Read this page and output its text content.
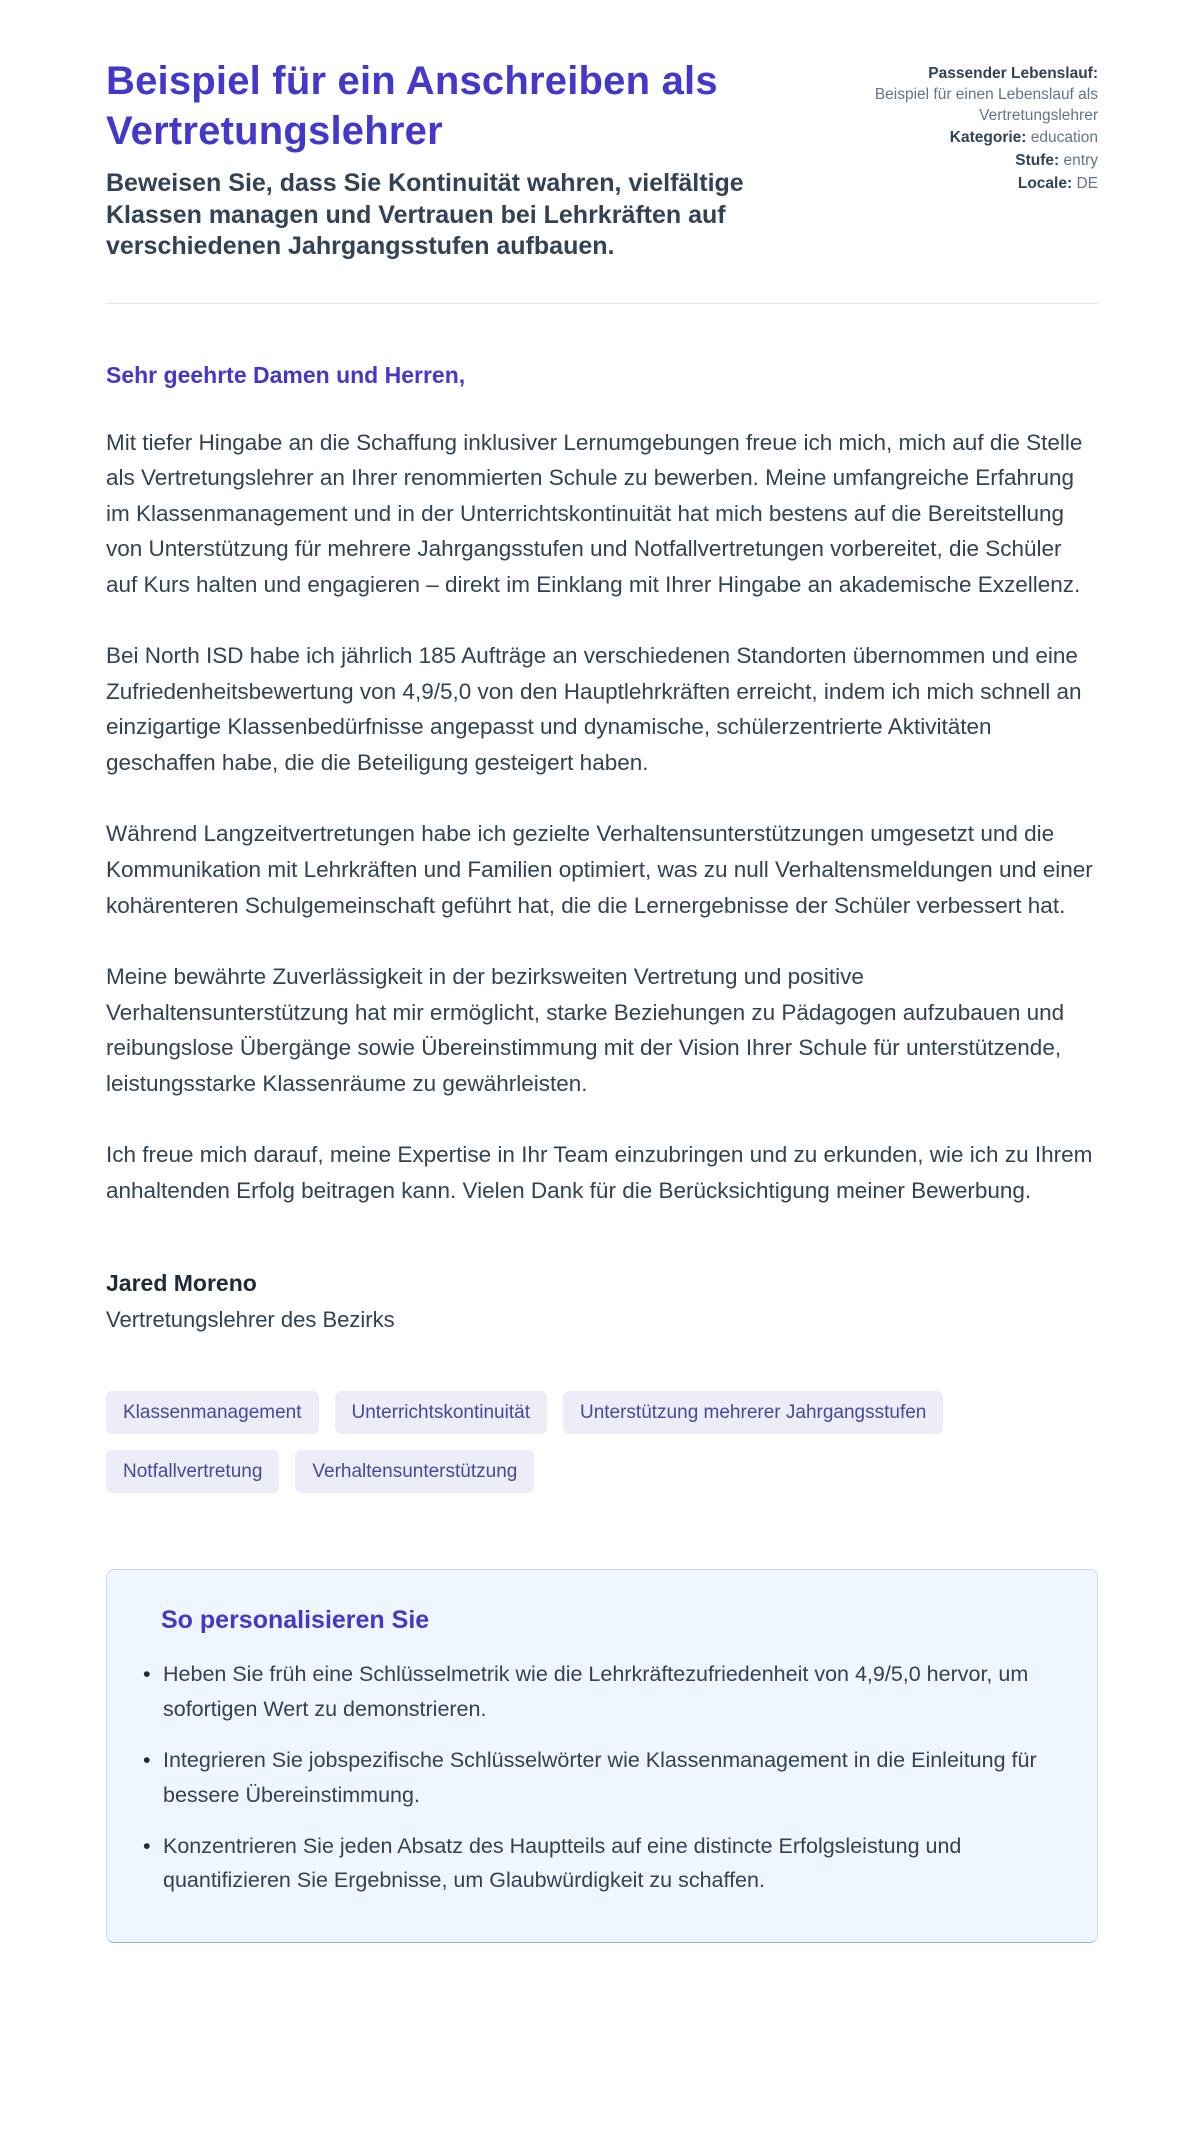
Beispiel für ein Anschreiben als Vertretungslehrer
Beweisen Sie, dass Sie Kontinuität wahren, vielfältige Klassen managen und Vertrauen bei Lehrkräften auf verschiedenen Jahrgangsstufen aufbauen.
Passender Lebenslauf:
Beispiel für einen Lebenslauf als Vertretungslehrer
Kategorie: education
Stufe: entry
Locale: DE
Sehr geehrte Damen und Herren,

Mit tiefer Hingabe an die Schaffung inklusiver Lernumgebungen freue ich mich, mich auf die Stelle als Vertretungslehrer an Ihrer renommierten Schule zu bewerben. Meine umfangreiche Erfahrung im Klassenmanagement und in der Unterrichtskontinuität hat mich bestens auf die Bereitstellung von Unterstützung für mehrere Jahrgangsstufen und Notfallvertretungen vorbereitet, die Schüler auf Kurs halten und engagieren – direkt im Einklang mit Ihrer Hingabe an akademische Exzellenz.

Bei North ISD habe ich jährlich 185 Aufträge an verschiedenen Standorten übernommen und eine Zufriedenheitsbewertung von 4,9/5,0 von den Hauptlehrkräften erreicht, indem ich mich schnell an einzigartige Klassenbedürfnisse angepasst und dynamische, schülerzentrierte Aktivitäten geschaffen habe, die die Beteiligung gesteigert haben.

Während Langzeitvertretungen habe ich gezielte Verhaltensunterstützungen umgesetzt und die Kommunikation mit Lehrkräften und Familien optimiert, was zu null Verhaltensmeldungen und einer kohärenteren Schulgemeinschaft geführt hat, die die Lernergebnisse der Schüler verbessert hat.

Meine bewährte Zuverlässigkeit in der bezirksweiten Vertretung und positive Verhaltensunterstützung hat mir ermöglicht, starke Beziehungen zu Pädagogen aufzubauen und reibungslose Übergänge sowie Übereinstimmung mit der Vision Ihrer Schule für unterstützende, leistungsstarke Klassenräume zu gewährleisten.

Ich freue mich darauf, meine Expertise in Ihr Team einzubringen und zu erkunden, wie ich zu Ihrem anhaltenden Erfolg beitragen kann. Vielen Dank für die Berücksichtigung meiner Bewerbung.

Jared Moreno
Vertretungslehrer des Bezirks
Klassenmanagement	Unterrichtskontinuität	Unterstützung mehrerer Jahrgangsstufen
Notfallvertretung	Verhaltensunterstützung
So personalisieren Sie
• Heben Sie früh eine Schlüsselmetrik wie die Lehrkräftezufriedenheit von 4,9/5,0 hervor, um sofortigen Wert zu demonstrieren.
• Integrieren Sie jobspezifische Schlüsselwörter wie Klassenmanagement in die Einleitung für bessere Übereinstimmung.
• Konzentrieren Sie jeden Absatz des Hauptteils auf eine distincte Erfolgsleistung und quantifizieren Sie Ergebnisse, um Glaubwürdigkeit zu schaffen.
